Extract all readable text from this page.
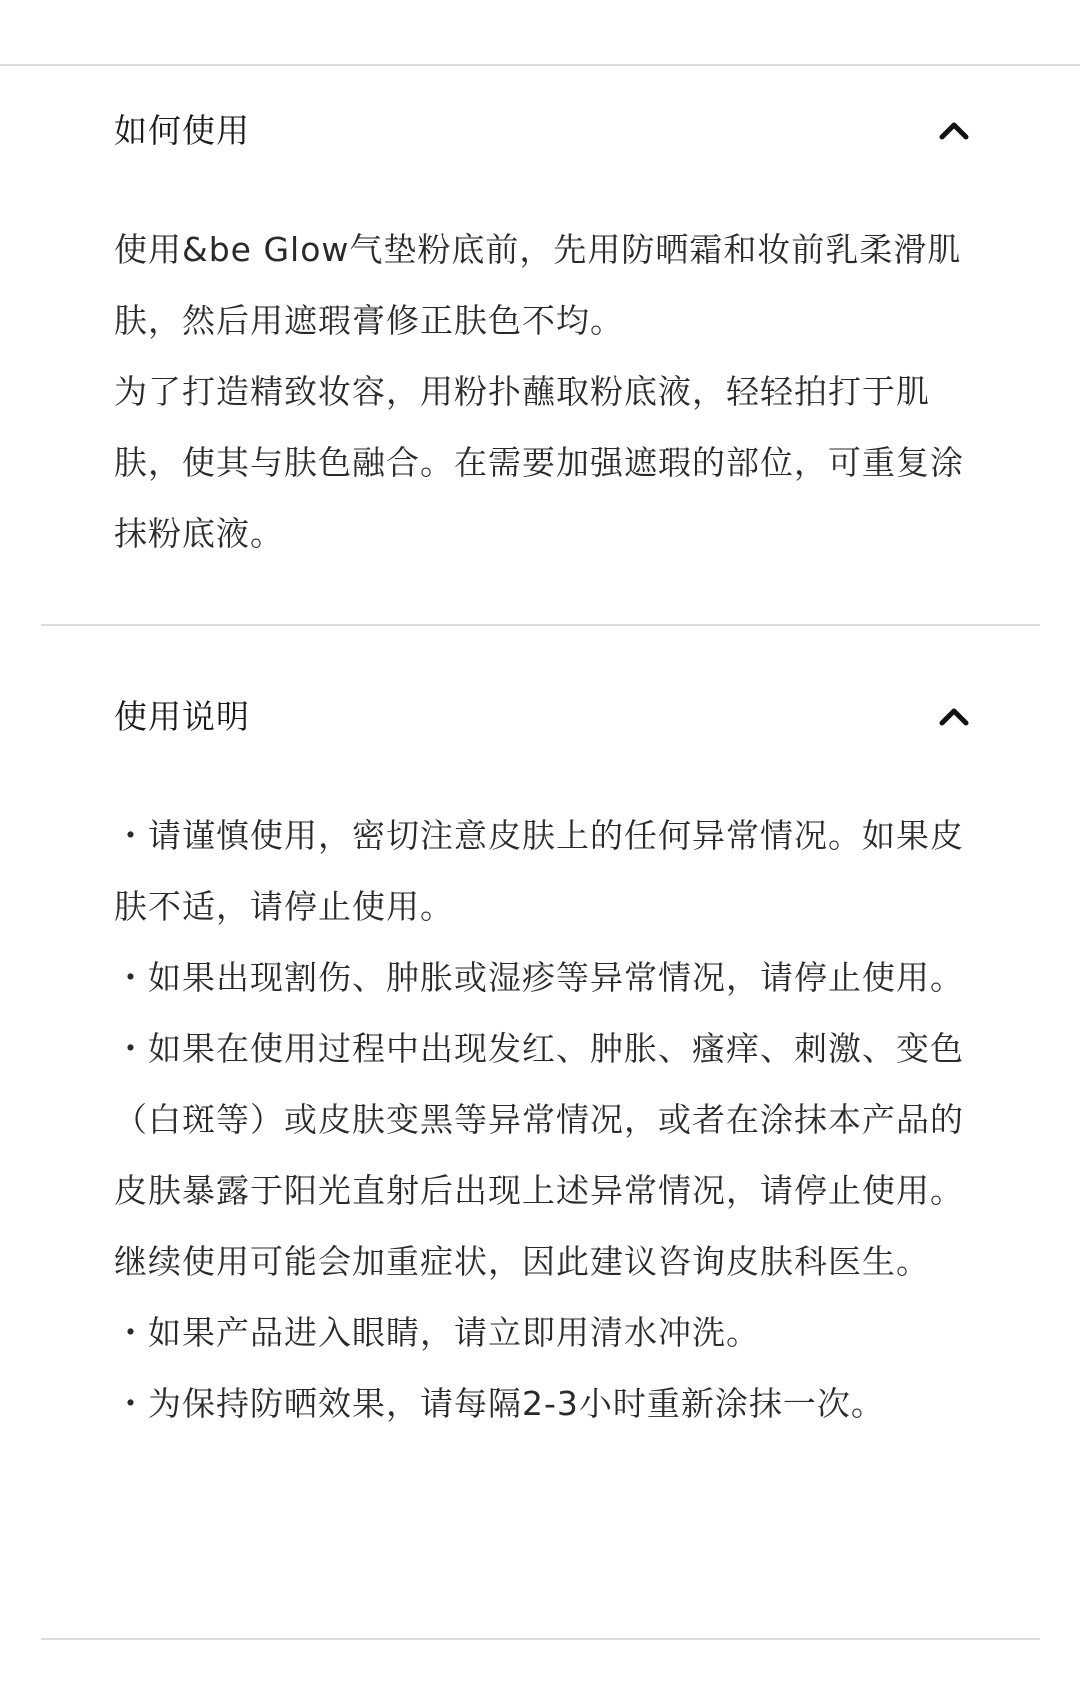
如何使用

使用&be Glow气垫粉底前，先用防晒霜和妆前乳柔滑肌肤，然后用遮瑕膏修正肤色不均。

为了打造精致妆容，用粉扑蘸取粉底液，轻轻拍打于肌肤，使其与肤色融合。在需要加强遮瑕的部位，可重复涂抹粉底液。

使用说明

・请谨慎使用，密切注意皮肤上的任何异常情况。如果皮肤不适，请停止使用。

・如果出现割伤、肿胀或湿疹等异常情况，请停止使用。

・如果在使用过程中出现发红、肿胀、瘙痒、刺激、变色（白斑等）或皮肤变黑等异常情况，或者在涂抹本产品的皮肤暴露于阳光直射后出现上述异常情况，请停止使用。继续使用可能会加重症状，因此建议咨询皮肤科医生。

・如果产品进入眼睛，请立即用清水冲洗。

・为保持防晒效果，请每隔2-3小时重新涂抹一次。
